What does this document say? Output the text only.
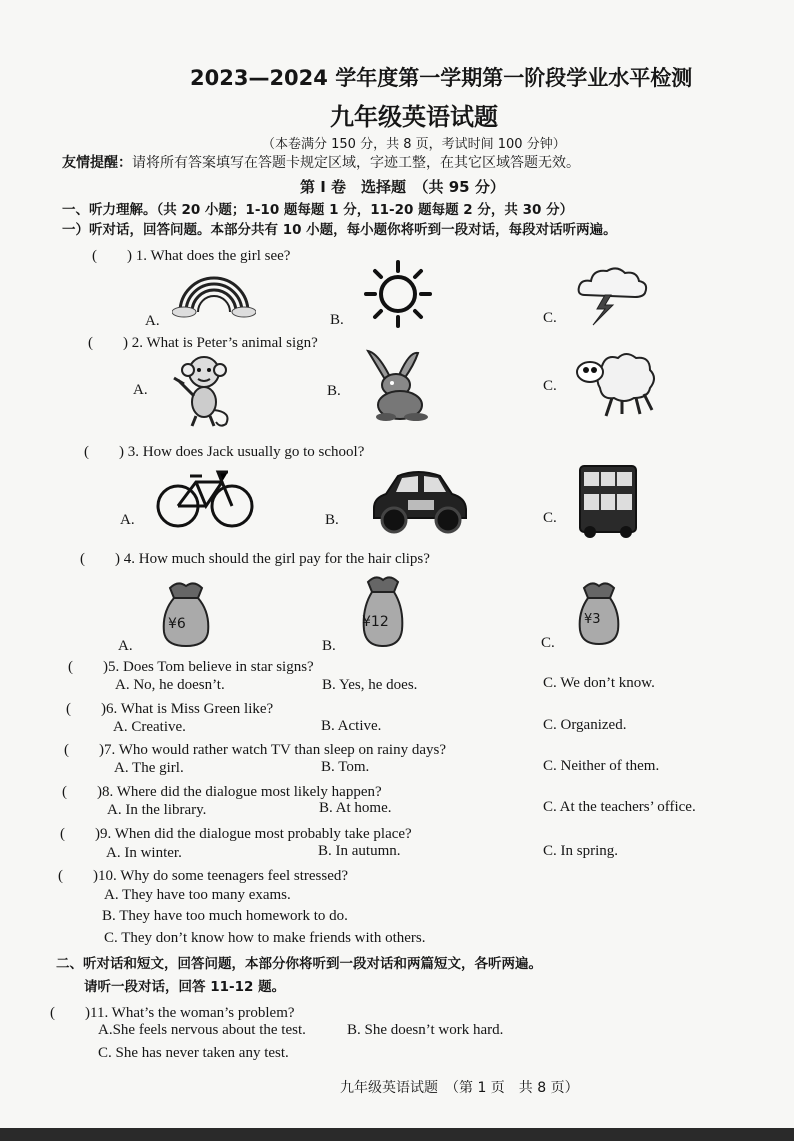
2023—2024 学年度第一学期第一阶段学业水平检测
九年级英语试题
（本卷满分 150 分，共 8 页，考试时间 100 分钟）
友情提醒：请将所有答案填写在答题卡规定区域，字迹工整，在其它区域答题无效。
第 I 卷　选择题　（共 95 分）
一、听力理解。（共 20 小题；1-10 题每题 1 分，11-20 题每题 2 分，共 30 分）
一）听对话，回答问题。本部分共有 10 小题，每小题你将听到一段对话，每段对话听两遍。
(　　) 1. What does the girl see?
A.	B.	C.
(　　) 2. What is Peter’s animal sign?
A.	B.	C.
(　　) 3. How does Jack usually go to school?
A.	B.	C.
(　　) 4. How much should the girl pay for the hair clips?
A.	B.	C.
¥6	¥12	¥3
(　　)5. Does Tom believe in star signs?
A. No, he doesn’t.	B. Yes, he does.	C. We don’t know.
(　　)6. What is Miss Green like?
A. Creative.	B. Active.	C. Organized.
(　　)7. Who would rather watch TV than sleep on rainy days?
A. The girl.	B. Tom.	C. Neither of them.
(　　)8. Where did the dialogue most likely happen?
A. In the library.	B. At home.	C. At the teachers’ office.
(　　)9. When did the dialogue most probably take place?
A. In winter.	B. In autumn.	C. In spring.
(　　)10. Why do some teenagers feel stressed?
A. They have too many exams.
B. They have too much homework to do.
C. They don’t know how to make friends with others.
二、听对话和短文，回答问题，本部分你将听到一段对话和两篇短文，各听两遍。
请听一段对话，回答 11-12 题。
(　　)11. What’s the woman’s problem?
A.She feels nervous about the test.	B. She doesn’t work hard.
C. She has never taken any test.
九年级英语试题　（第 1 页　共 8 页）
